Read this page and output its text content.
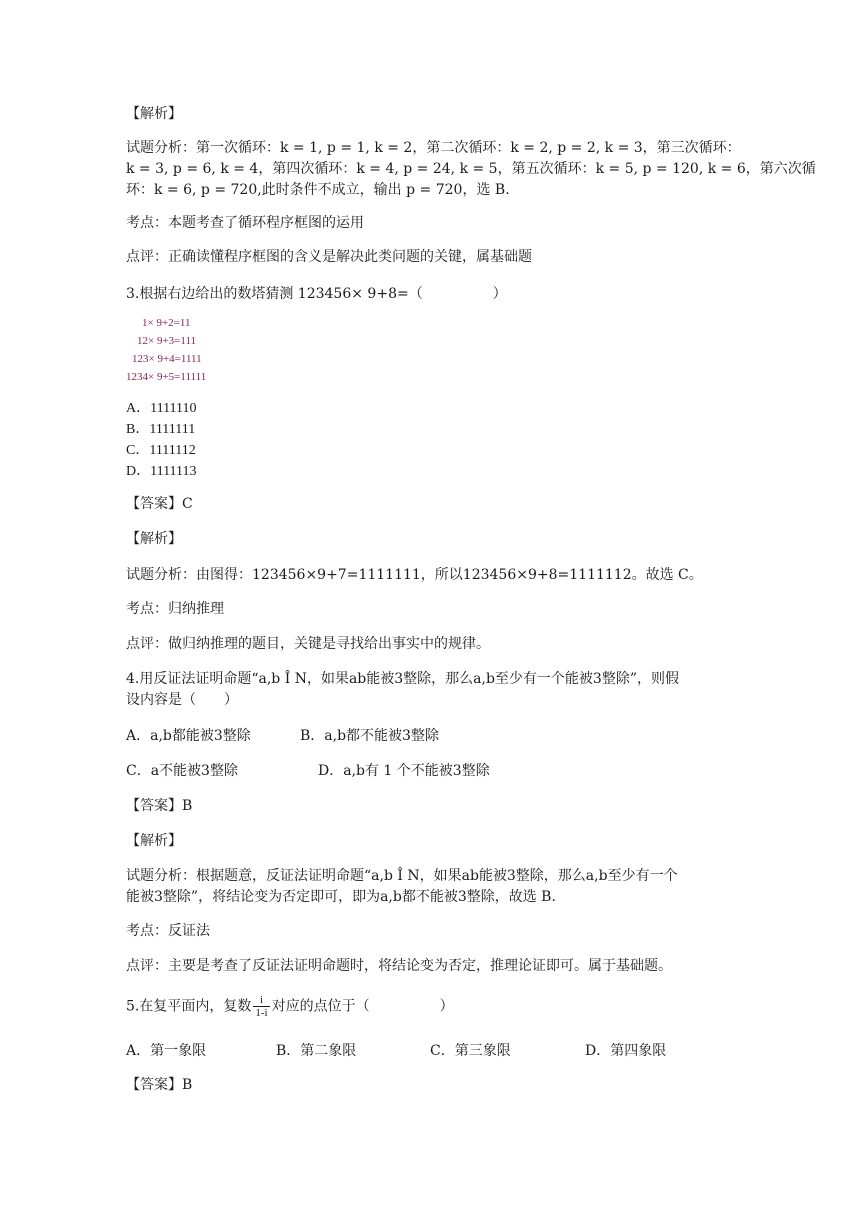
【解析】
试题分析：第一次循环：k = 1, p = 1, k = 2，第二次循环：k = 2, p = 2, k = 3，第三次循环：
k = 3, p = 6, k = 4，第四次循环：k = 4, p = 24, k = 5，第五次循环：k = 5, p = 120, k = 6，第六次循
环：k = 6, p = 720,此时条件不成立，输出 p = 720，选 B.
考点：本题考查了循环程序框图的运用
点评：正确读懂程序框图的含义是解决此类问题的关键，属基础题
3.根据右边给出的数塔猜测 123456× 9+8=（　　　　　）
1× 9+2=11
12× 9+3=111
123× 9+4=1111
1234× 9+5=11111
A．1111110
B．1111111
C．1111112
D．1111113
【答案】C
【解析】
试题分析：由图得：123456×9+7=1111111，所以123456×9+8=1111112。故选 C。
考点：归纳推理
点评：做归纳推理的题目，关键是寻找给出事实中的规律。
4.用反证法证明命题“a,b Î N，如果ab能被3整除，那么a,b至少有一个能被3整除”，则假
设内容是（　　）
A．a,b都能被3整除	B．a,b都不能被3整除
C．a不能被3整除	D．a,b有 1 个不能被3整除
【答案】B
【解析】
试题分析：根据题意，反证法证明命题“a,b Î N，如果ab能被3整除，那么a,b至少有一个
能被3整除”，将结论变为否定即可，即为a,b都不能被3整除，故选 B.
考点：反证法
点评：主要是考查了反证法证明命题时，将结论变为否定，推理论证即可。属于基础题。
5.在复平面内，复数 $\frac{i}{1-i}$ 对应的点位于（　　　　　）
A．第一象限	B．第二象限	C．第三象限	D．第四象限
【答案】B
